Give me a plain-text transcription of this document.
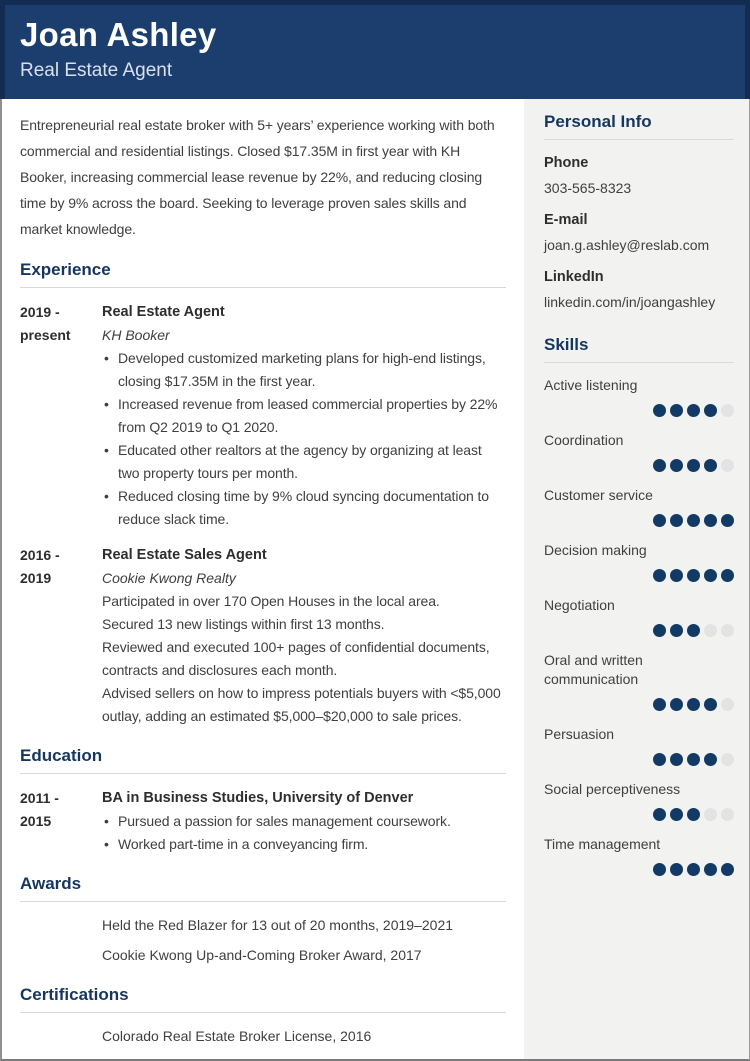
Joan Ashley
Real Estate Agent

Entrepreneurial real estate broker with 5+ years’ experience working with both commercial and residential listings. Closed $17.35M in first year with KH Booker, increasing commercial lease revenue by 22%, and reducing closing time by 9% across the board. Seeking to leverage proven sales skills and market knowledge.

Experience
2019 -
present
Real Estate Agent
KH Booker
• Developed customized marketing plans for high-end listings, closing $17.35M in the first year.
• Increased revenue from leased commercial properties by 22% from Q2 2019 to Q1 2020.
• Educated other realtors at the agency by organizing at least two property tours per month.
• Reduced closing time by 9% cloud syncing documentation to reduce slack time.
2016 -
2019
Real Estate Sales Agent
Cookie Kwong Realty
Participated in over 170 Open Houses in the local area.
Secured 13 new listings within first 13 months.
Reviewed and executed 100+ pages of confidential documents, contracts and disclosures each month.
Advised sellers on how to impress potentials buyers with <$5,000 outlay, adding an estimated $5,000–$20,000 to sale prices.
Education
2011 -
2015
BA in Business Studies, University of Denver
• Pursued a passion for sales management coursework.
• Worked part-time in a conveyancing firm.
Awards
Held the Red Blazer for 13 out of 20 months, 2019–2021
Cookie Kwong Up-and-Coming Broker Award, 2017
Certifications
Colorado Real Estate Broker License, 2016
Personal Info
Phone
303-565-8323
E-mail
joan.g.ashley@reslab.com
LinkedIn
linkedin.com/in/joangashley
Skills
Active listening
Coordination
Customer service
Decision making
Negotiation
Oral and written communication
Persuasion
Social perceptiveness
Time management
